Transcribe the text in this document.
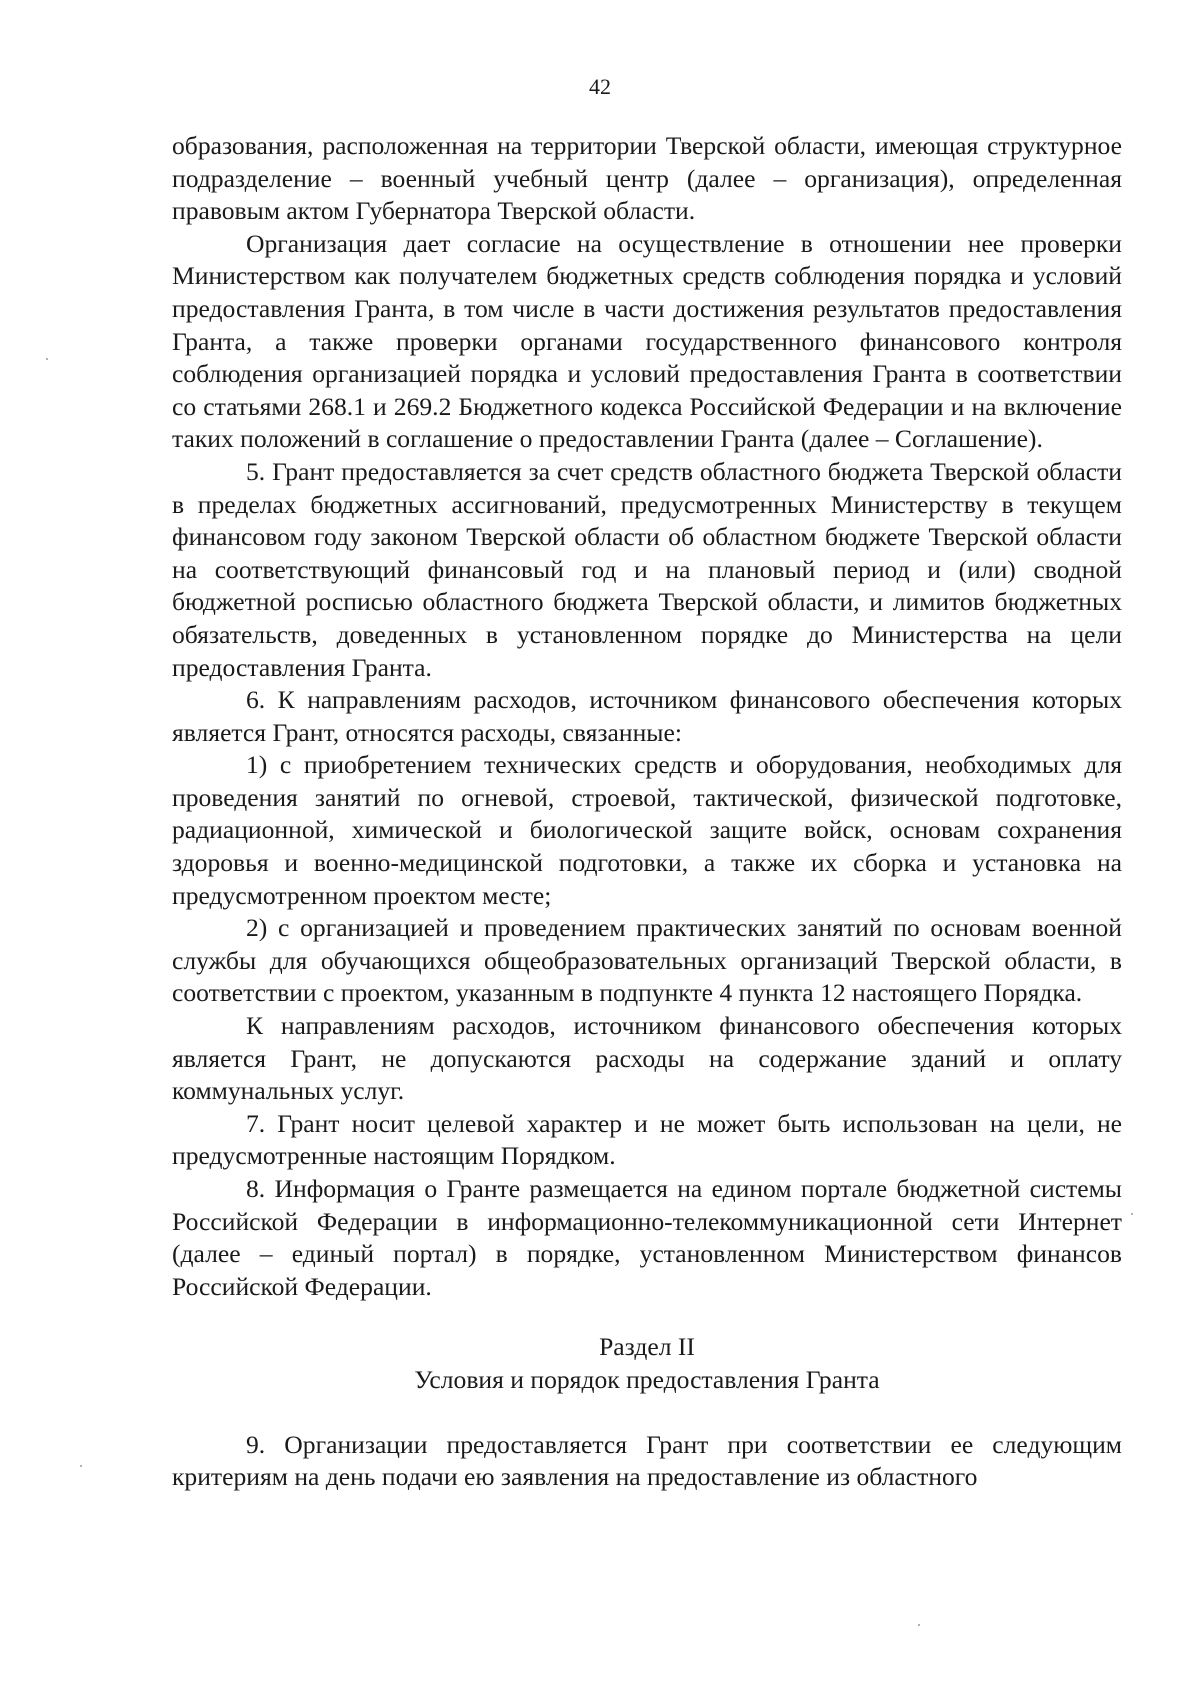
42

образования, расположенная на территории Тверской области, имеющая структурное подразделение – военный учебный центр (далее – организация), определенная правовым актом Губернатора Тверской области.

Организация дает согласие на осуществление в отношении нее проверки Министерством как получателем бюджетных средств соблюдения порядка и условий предоставления Гранта, в том числе в части достижения результатов предоставления Гранта, а также проверки органами государственного финансового контроля соблюдения организацией порядка и условий предоставления Гранта в соответствии со статьями 268.1 и 269.2 Бюджетного кодекса Российской Федерации и на включение таких положений в соглашение о предоставлении Гранта (далее – Соглашение).

5. Грант предоставляется за счет средств областного бюджета Тверской области в пределах бюджетных ассигнований, предусмотренных Министерству в текущем финансовом году законом Тверской области об областном бюджете Тверской области на соответствующий финансовый год и на плановый период и (или) сводной бюджетной росписью областного бюджета Тверской области, и лимитов бюджетных обязательств, доведенных в установленном порядке до Министерства на цели предоставления Гранта.

6. К направлениям расходов, источником финансового обеспечения которых является Грант, относятся расходы, связанные:

1) с приобретением технических средств и оборудования, необходимых для проведения занятий по огневой, строевой, тактической, физической подготовке, радиационной, химической и биологической защите войск, основам сохранения здоровья и военно-медицинской подготовки, а также их сборка и установка на предусмотренном проектом месте;

2) с организацией и проведением практических занятий по основам военной службы для обучающихся общеобразовательных организаций Тверской области, в соответствии с проектом, указанным в подпункте 4 пункта 12 настоящего Порядка.

К направлениям расходов, источником финансового обеспечения которых является Грант, не допускаются расходы на содержание зданий и оплату коммунальных услуг.

7. Грант носит целевой характер и не может быть использован на цели, не предусмотренные настоящим Порядком.

8. Информация о Гранте размещается на едином портале бюджетной системы Российской Федерации в информационно-телекоммуникационной сети Интернет (далее – единый портал) в порядке, установленном Министерством финансов Российской Федерации.

Раздел II

Условия и порядок предоставления Гранта

9. Организации предоставляется Грант при соответствии ее следующим критериям на день подачи ею заявления на предоставление из областного
